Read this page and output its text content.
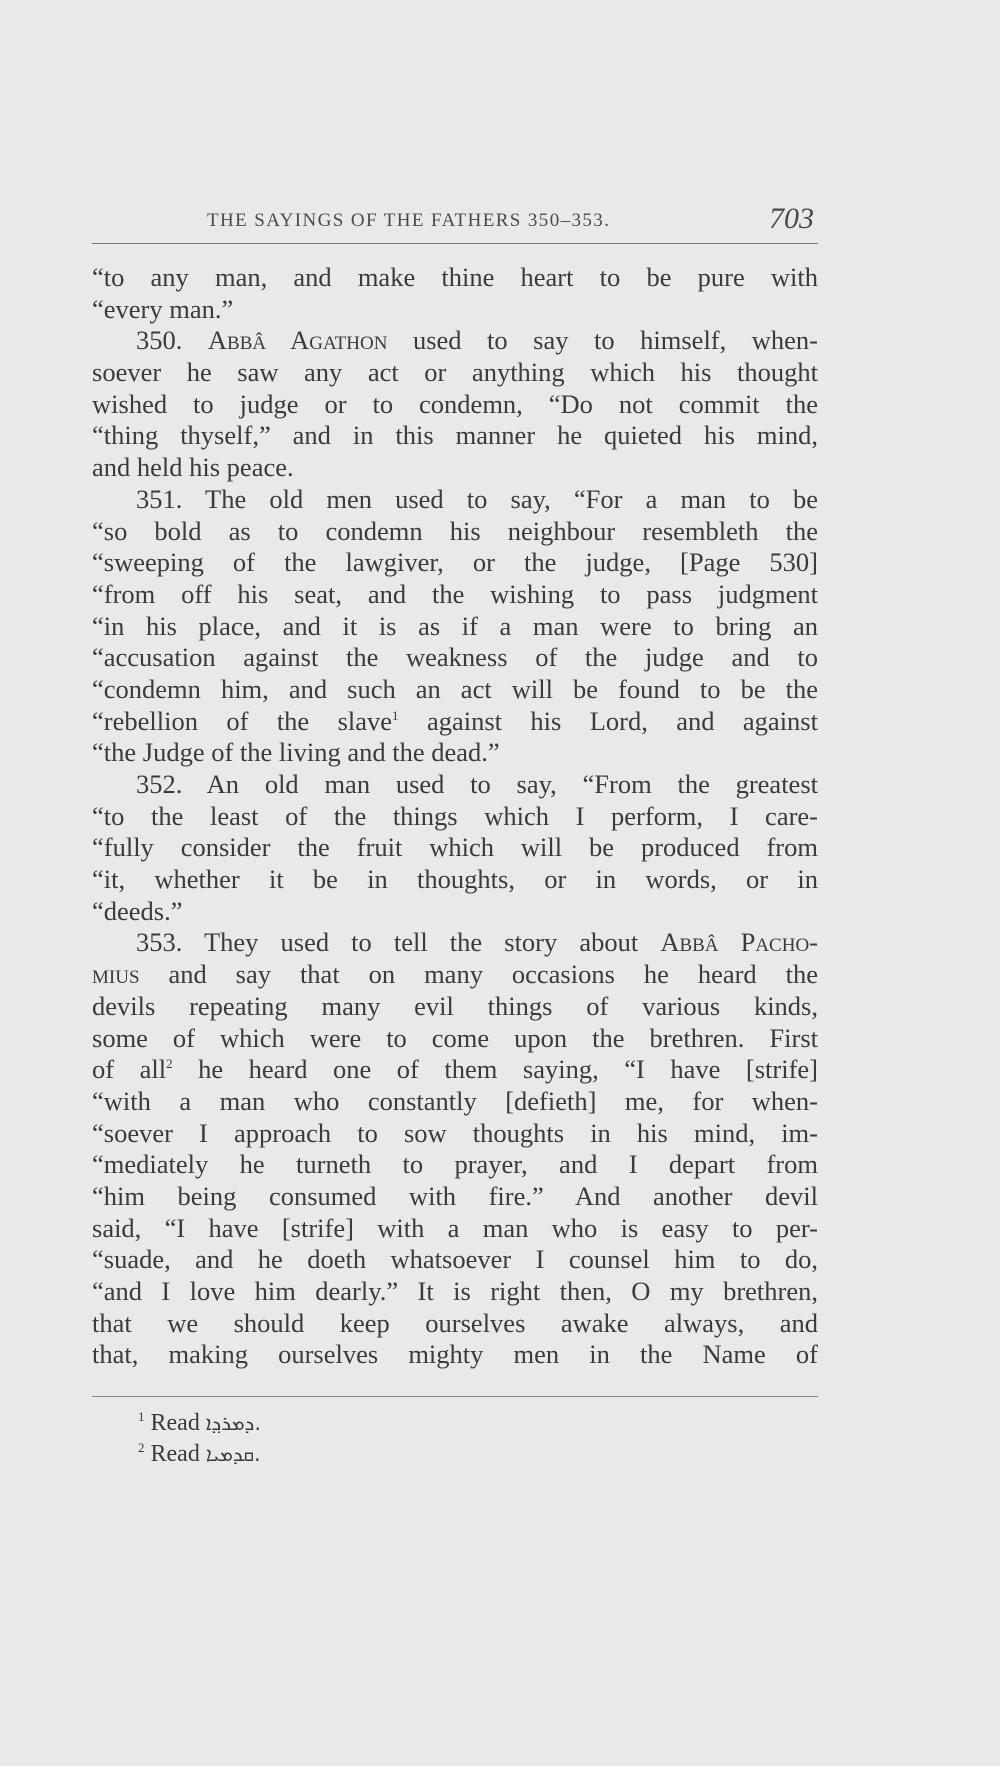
THE SAYINGS OF THE FATHERS 350–353.	703
“to any man, and make thine heart to be pure with
“every man.”
350. Abbâ Agathon used to say to himself, when-
soever he saw any act or anything which his thought
wished to judge or to condemn, “Do not commit the
“thing thyself,” and in this manner he quieted his mind,
and held his peace.
351. The old men used to say, “For a man to be
“so bold as to condemn his neighbour resembleth the
“sweeping of the lawgiver, or the judge, [Page 530]
“from off his seat, and the wishing to pass judgment
“in his place, and it is as if a man were to bring an
“accusation against the weakness of the judge and to
“condemn him, and such an act will be found to be the
“rebellion of the slave$^1$ against his Lord, and against
“the Judge of the living and the dead.”
352. An old man used to say, “From the greatest
“to the least of the things which I perform, I care-
“fully consider the fruit which will be produced from
“it, whether it be in thoughts, or in words, or in
“deeds.”
353. They used to tell the story about Abbâ Pacho-
mius and say that on many occasions he heard the
devils repeating many evil things of various kinds,
some of which were to come upon the brethren. First
of all$^2$ he heard one of them saying, “I have [strife]
“with a man who constantly [defieth] me, for when-
“soever I approach to sow thoughts in his mind, im-
“mediately he turneth to prayer, and I depart from
“him being consumed with fire.” And another devil
said, “I have [strife] with a man who is easy to per-
“suade, and he doeth whatsoever I counsel him to do,
“and I love him dearly.” It is right then, O my brethren,
that we should keep ourselves awake always, and
that, making ourselves mighty men in the Name of
$^1$ Read ܕܡܪܕ݂ܐ.
$^2$ Read ܩܕܡܝܐ.
